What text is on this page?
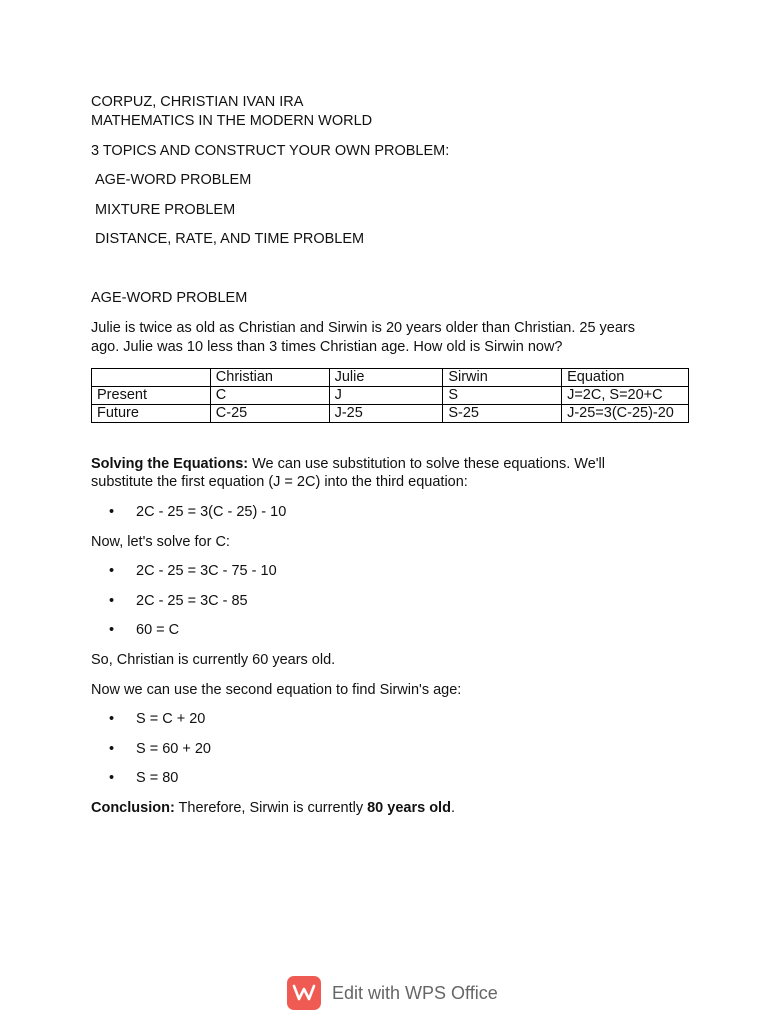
CORPUZ, CHRISTIAN IVAN IRA
MATHEMATICS IN THE MODERN WORLD
3 TOPICS AND CONSTRUCT YOUR OWN PROBLEM:
AGE-WORD PROBLEM
MIXTURE PROBLEM
DISTANCE, RATE, AND TIME PROBLEM
AGE-WORD PROBLEM
Julie is twice as old as Christian and Sirwin is 20 years older than Christian. 25 years
ago. Julie was 10 less than 3 times Christian age. How old is Sirwin now?
	Christian	Julie	Sirwin	Equation
Present	C	J	S	J=2C, S=20+C
Future	C-25	J-25	S-25	J-25=3(C-25)-20
Solving the Equations: We can use substitution to solve these equations. We'll
substitute the first equation (J = 2C) into the third equation:
• 2C - 25 = 3(C - 25) - 10
Now, let's solve for C:
• 2C - 25 = 3C - 75 - 10
• 2C - 25 = 3C - 85
• 60 = C
So, Christian is currently 60 years old.
Now we can use the second equation to find Sirwin's age:
• S = C + 20
• S = 60 + 20
• S = 80
Conclusion: Therefore, Sirwin is currently 80 years old.
Edit with WPS Office
